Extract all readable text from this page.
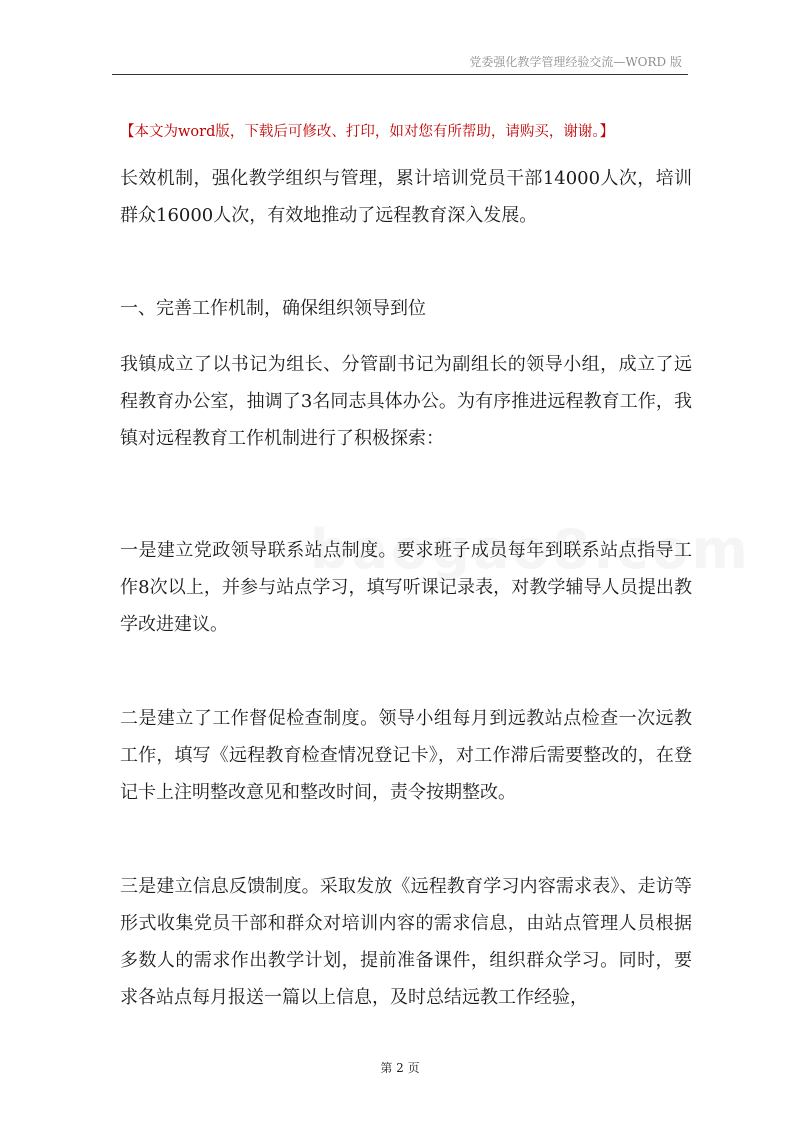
党委强化教学管理经验交流—WORD 版
【本文为word版，下载后可修改、打印，如对您有所帮助，请购买，谢谢。】

长效机制，强化教学组织与管理，累计培训党员干部14000人次，培训群众16000人次，有效地推动了远程教育深入发展。

一、完善工作机制，确保组织领导到位

我镇成立了以书记为组长、分管副书记为副组长的领导小组，成立了远程教育办公室，抽调了3名同志具体办公。为有序推进远程教育工作，我镇对远程教育工作机制进行了积极探索：

一是建立党政领导联系站点制度。要求班子成员每年到联系站点指导工作8次以上，并参与站点学习，填写听课记录表，对教学辅导人员提出教学改进建议。

二是建立了工作督促检查制度。领导小组每月到远教站点检查一次远教工作，填写《远程教育检查情况登记卡》，对工作滞后需要整改的，在登记卡上注明整改意见和整改时间，责令按期整改。

三是建立信息反馈制度。采取发放《远程教育学习内容需求表》、走访等形式收集党员干部和群众对培训内容的需求信息，由站点管理人员根据多数人的需求作出教学计划，提前准备课件，组织群众学习。同时，要求各站点每月报送一篇以上信息，及时总结远教工作经验，

第 2 页
